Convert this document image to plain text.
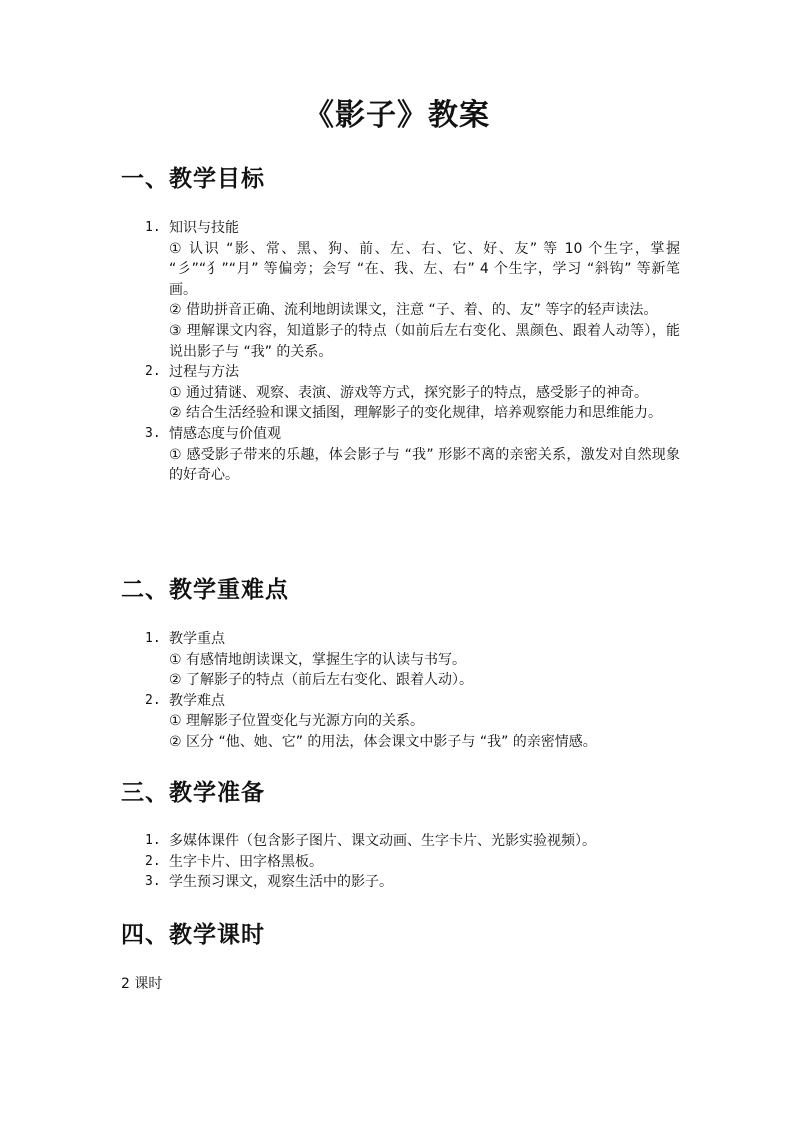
《影子》教案
一、教学目标
1. 知识与技能
① 认识 “影、常、黑、狗、前、左、右、它、好、友” 等 10 个生字，掌握 “彡”“犭”“月” 等偏旁；会写 “在、我、左、右” 4 个生字，学习 “斜钩” 等新笔画。
② 借助拼音正确、流利地朗读课文，注意 “子、着、的、友” 等字的轻声读法。
③ 理解课文内容，知道影子的特点（如前后左右变化、黑颜色、跟着人动等），能说出影子与 “我” 的关系。
2. 过程与方法
① 通过猜谜、观察、表演、游戏等方式，探究影子的特点，感受影子的神奇。
② 结合生活经验和课文插图，理解影子的变化规律，培养观察能力和思维能力。
3. 情感态度与价值观
① 感受影子带来的乐趣，体会影子与 “我” 形影不离的亲密关系，激发对自然现象的好奇心。
二、教学重难点
1. 教学重点
① 有感情地朗读课文，掌握生字的认读与书写。
② 了解影子的特点（前后左右变化、跟着人动）。
2. 教学难点
① 理解影子位置变化与光源方向的关系。
② 区分 “他、她、它” 的用法，体会课文中影子与 “我” 的亲密情感。
三、教学准备
1. 多媒体课件（包含影子图片、课文动画、生字卡片、光影实验视频）。
2. 生字卡片、田字格黑板。
3. 学生预习课文，观察生活中的影子。
四、教学课时
2 课时
